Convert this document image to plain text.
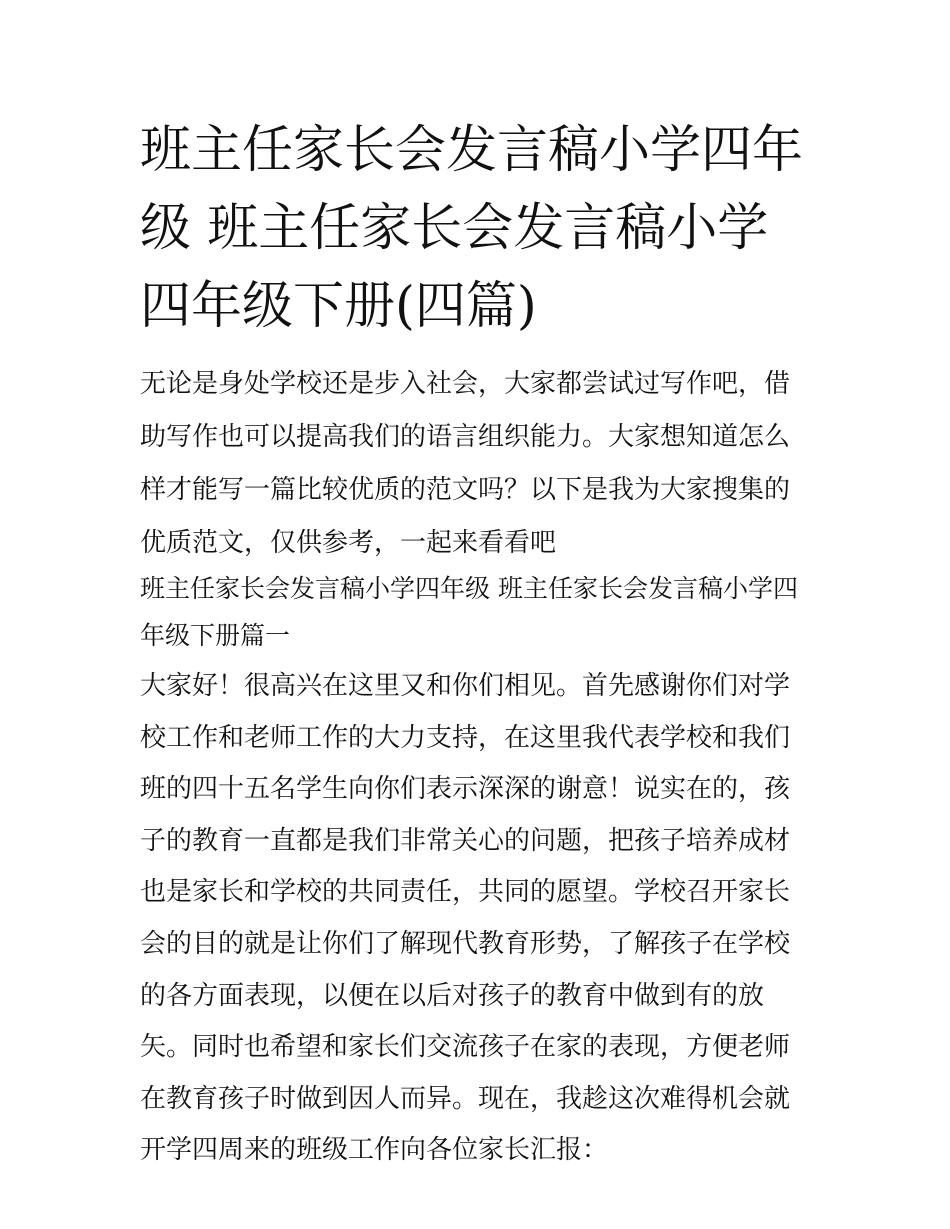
班主任家长会发言稿小学四年级 班主任家长会发言稿小学四年级下册(四篇)

无论是身处学校还是步入社会，大家都尝试过写作吧，借助写作也可以提高我们的语言组织能力。大家想知道怎么样才能写一篇比较优质的范文吗？以下是我为大家搜集的优质范文，仅供参考，一起来看看吧

班主任家长会发言稿小学四年级 班主任家长会发言稿小学四年级下册篇一

大家好！很高兴在这里又和你们相见。首先感谢你们对学校工作和老师工作的大力支持，在这里我代表学校和我们班的四十五名学生向你们表示深深的谢意！说实在的，孩子的教育一直都是我们非常关心的问题，把孩子培养成材也是家长和学校的共同责任，共同的愿望。学校召开家长会的目的就是让你们了解现代教育形势，了解孩子在学校的各方面表现，以便在以后对孩子的教育中做到有的放矢。同时也希望和家长们交流孩子在家的表现，方便老师在教育孩子时做到因人而异。现在，我趁这次难得机会就开学四周来的班级工作向各位家长汇报：
